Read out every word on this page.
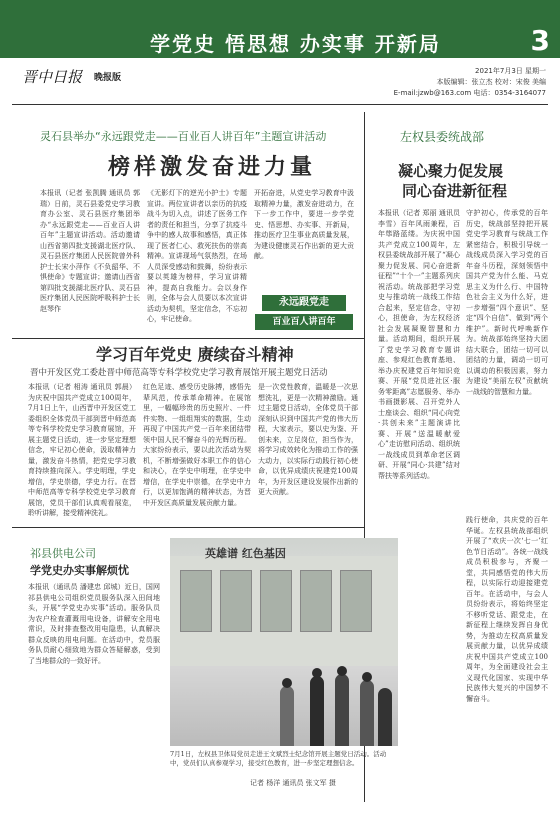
学党史 悟思想 办实事 开新局	3
晋中日报 晚报版
2021年7月3日 星期一
本版编辑：张立杰 校对：宋俊 美编
E-mail:jzwb@163.com 电话：0354-3164077
灵石县举办“永远跟党走——百业百人讲百年”主题宣讲活动
榜样激发奋进力量
本报讯（记者 张凯腾 通讯员 郭瑞）日前，灵石县委党史学习教育办公室、灵石县医疗集团举办“永远跟党走——百业百人讲百年”主题宣讲活动。活动邀请山西省第四批支援湖北医疗队、灵石县医疗集团人民医院曾外科护士长宋小萍作《不负韶华、不惧使命》专题宣讲；邀请山西省第四批支援湖北医疗队、灵石县医疗集团人民医院呼吸科护士长赵琴作
《无影灯下的逆光小护士》专题宣讲。两位宣讲者以亲历的抗疫战斗为切入点，讲述了医务工作者的责任和担当，分享了抗疫斗争中的感人故事和感悟，真正体现了医者仁心、救死扶伤的崇高精神。宣讲现场气氛热烈，在场人员深受感动和鼓舞，纷纷表示要以英雄为榜样，学习宣讲精神，提高自我能力。会以身作则，全体与会人员要以本次宣讲活动为契机，坚定信念，不忘初心，牢记使命。
开拓奋进，从党史学习教育中汲取精神力量，激发奋进动力，在下一步工作中，要进一步学党史、悟思想、办实事、开新局，推动医疗卫生事业高质量发展，为建设健康灵石作出新的更大贡献。
永远跟党走
百业百人讲百年
左权县委统战部
凝心聚力促发展
同心奋进新征程
本报讯（记者 郑丽 通讯员 李雪）百年风雨兼程，百年筚路蓝缕。为庆祝中国共产党成立100周年，左权县委统战部开展了“凝心聚力促发展、同心奋进新征程”“十个一”主题系列庆祝活动。统战部把学习党史与推动统一战线工作结合起来，坚定信念，守初心，担使命，为左权经济社会发展凝聚智慧和力量。活动期间，组织开展了党史学习教育专题讲座、参观红色教育基地、举办庆祝建党百年知识竞赛、开展“党员进社区·服务零距离”志愿服务、举办书画摄影展、召开党外人士座谈会、组织“同心向党·共创未来”主题演讲比赛、开展“送温暖献爱心”走访慰问活动、组织统一战线成员到革命老区调研、开展“同心·共建”结对帮扶等系列活动。
守护初心，传承党的百年历史，统战部坚持把开展党史学习教育与统战工作紧密结合，积极引导统一战线成员深入学习党的百年奋斗历程，深刻领悟中国共产党为什么能、马克思主义为什么行、中国特色社会主义为什么好，进一步增强“四个意识”、坚定“四个自信”、做到“两个维护”。新时代呼唤新作为。统战部始终坚持大团结大联合，团结一切可以团结的力量，调动一切可以调动的积极因素，努力为建设“美丽左权”贡献统一战线的智慧和力量。
践行使命，共庆党的百年华诞。左权县统战部组织开展了“欢庆一次‘七一’红色节日活动”。各统一战线成员积极参与，齐聚一堂，共同感悟党的伟大历程，以实际行动迎接建党百年。在活动中，与会人员纷纷表示，将始终坚定不移听党话、跟党走，在新征程上继续发挥自身优势，为推动左权高质量发展贡献力量，以优异成绩庆祝中国共产党成立100周年，为全面建设社会主义现代化国家、实现中华民族伟大复兴的中国梦不懈奋斗。
学习百年党史 赓续奋斗精神
晋中开发区党工委赴晋中师范高等专科学校党史学习教育展馆开展主题党日活动
本报讯（记者 相涛 通讯员 郭晨）为庆祝中国共产党成立100周年，7月1日上午，山西晋中开发区党工委组织全体党员干部到晋中师范高等专科学校党史学习教育展馆，开展主题党日活动，进一步坚定理想信念，牢记初心使命，汲取精神力量，激发奋斗热情，把党史学习教育持续推向深入。学史明理，学史增信，学史崇德，学史力行。在晋中师范高等专科学校党史学习教育展馆，党员干部们认真观看展览，聆听讲解，接受精神洗礼。
红色足迹、感受历史脉搏，感悟先辈风范，传承革命精神。在展馆里，一幅幅珍贵的历史照片、一件件实物、一组组翔实的数据，生动再现了中国共产党一百年来团结带领中国人民不懈奋斗的光辉历程。大家纷纷表示，要以此次活动为契机，不断增强做好本职工作的信心和决心，在学史中明理，在学史中增信，在学史中崇德，在学史中力行，以更加饱满的精神状态，为晋中开发区高质量发展贡献力量。
是一次党性教育，温暖是一次思想洗礼，更是一次精神激励。通过主题党日活动，全体党员干部深刻认识到中国共产党的伟大历程，大家表示，要以史为鉴、开创未来，立足岗位，担当作为，将学习成效转化为推动工作的强大动力，以实际行动践行初心使命，以优异成绩庆祝建党100周年，为开发区建设发展作出新的更大贡献。
祁县供电公司
学党史办实事解烦忧
本报讯（通讯员 潘建忠 邱城）近日，国网祁县供电公司组织党员服务队深入田间地头，开展“学党史办实事”活动。服务队员为农户检查灌溉用电设备，讲解安全用电常识，及时排查整改用电隐患，认真解决群众反映的用电问题。在活动中，党员服务队员耐心细致地为群众答疑解惑，受到了当地群众的一致好评。
英雄谱 红色基因
7月1日，左权县卫体局党员走进王文斌烈士纪念馆开展主题党日活动。活动中，党员们认真参观学习，接受红色教育，进一步坚定理想信念。
记者 杨洋 通讯员 张文军 摄
